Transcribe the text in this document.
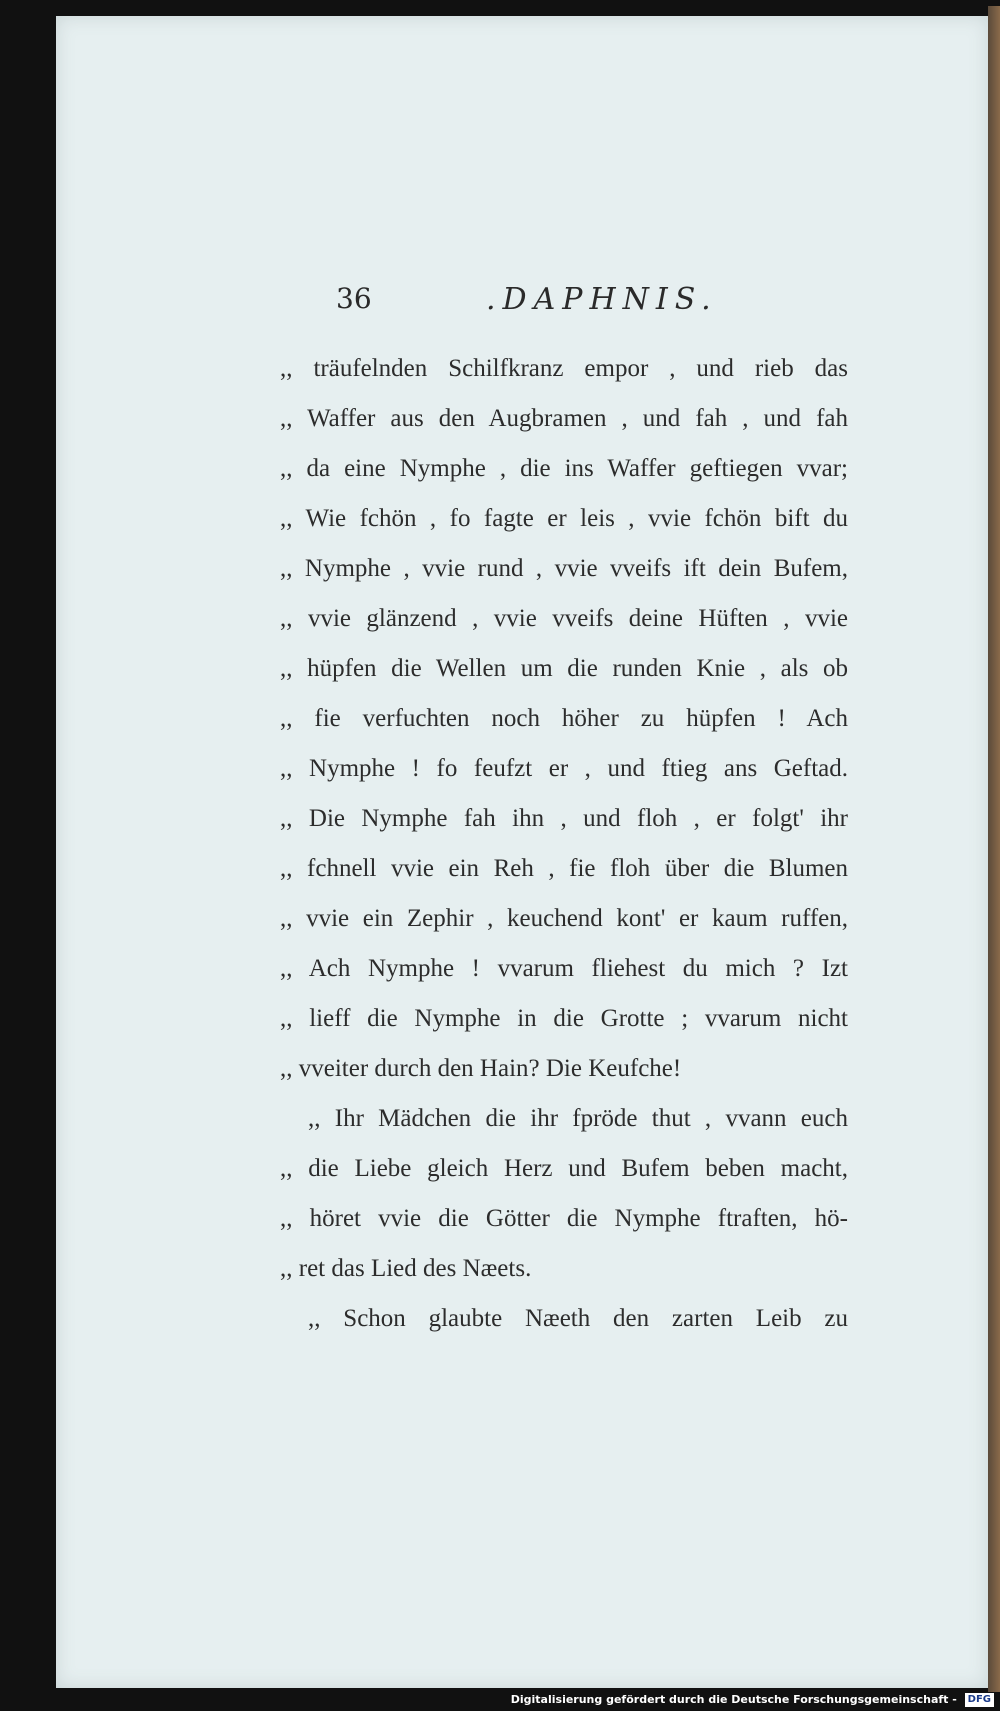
36	.DAPHNIS.
,, träufelnden Schilfkranz empor , und rieb das
,, Waffer aus den Augbramen , und fah , und fah
,, da eine Nymphe , die ins Waffer geftiegen vvar;
,, Wie fchön , fo fagte er leis , vvie fchön bift du
,, Nymphe , vvie rund , vvie vveifs ift dein Bufem,
,, vvie glänzend , vvie vveifs deine Hüften , vvie
,, hüpfen die Wellen um die runden Knie , als ob
,, fie verfuchten noch höher zu hüpfen ! Ach
,, Nymphe ! fo feufzt er , und ftieg ans Geftad.
,, Die Nymphe fah ihn , und floh , er folgt' ihr
,, fchnell vvie ein Reh , fie floh über die Blumen
,, vvie ein Zephir , keuchend kont' er kaum ruffen,
,, Ach Nymphe ! vvarum fliehest du mich ? Izt
,, lieff die Nymphe in die Grotte ; vvarum nicht
,, vveiter durch den Hain? Die Keufche!
,, Ihr Mädchen die ihr fpröde thut , vvann euch
,, die Liebe gleich Herz und Bufem beben macht,
,, höret vvie die Götter die Nymphe ftraften, hö-
,, ret das Lied des Næets.
,, Schon glaubte Næeth den zarten Leib zu
Digitalisierung gefördert durch die Deutsche Forschungsgemeinschaft - DFG
